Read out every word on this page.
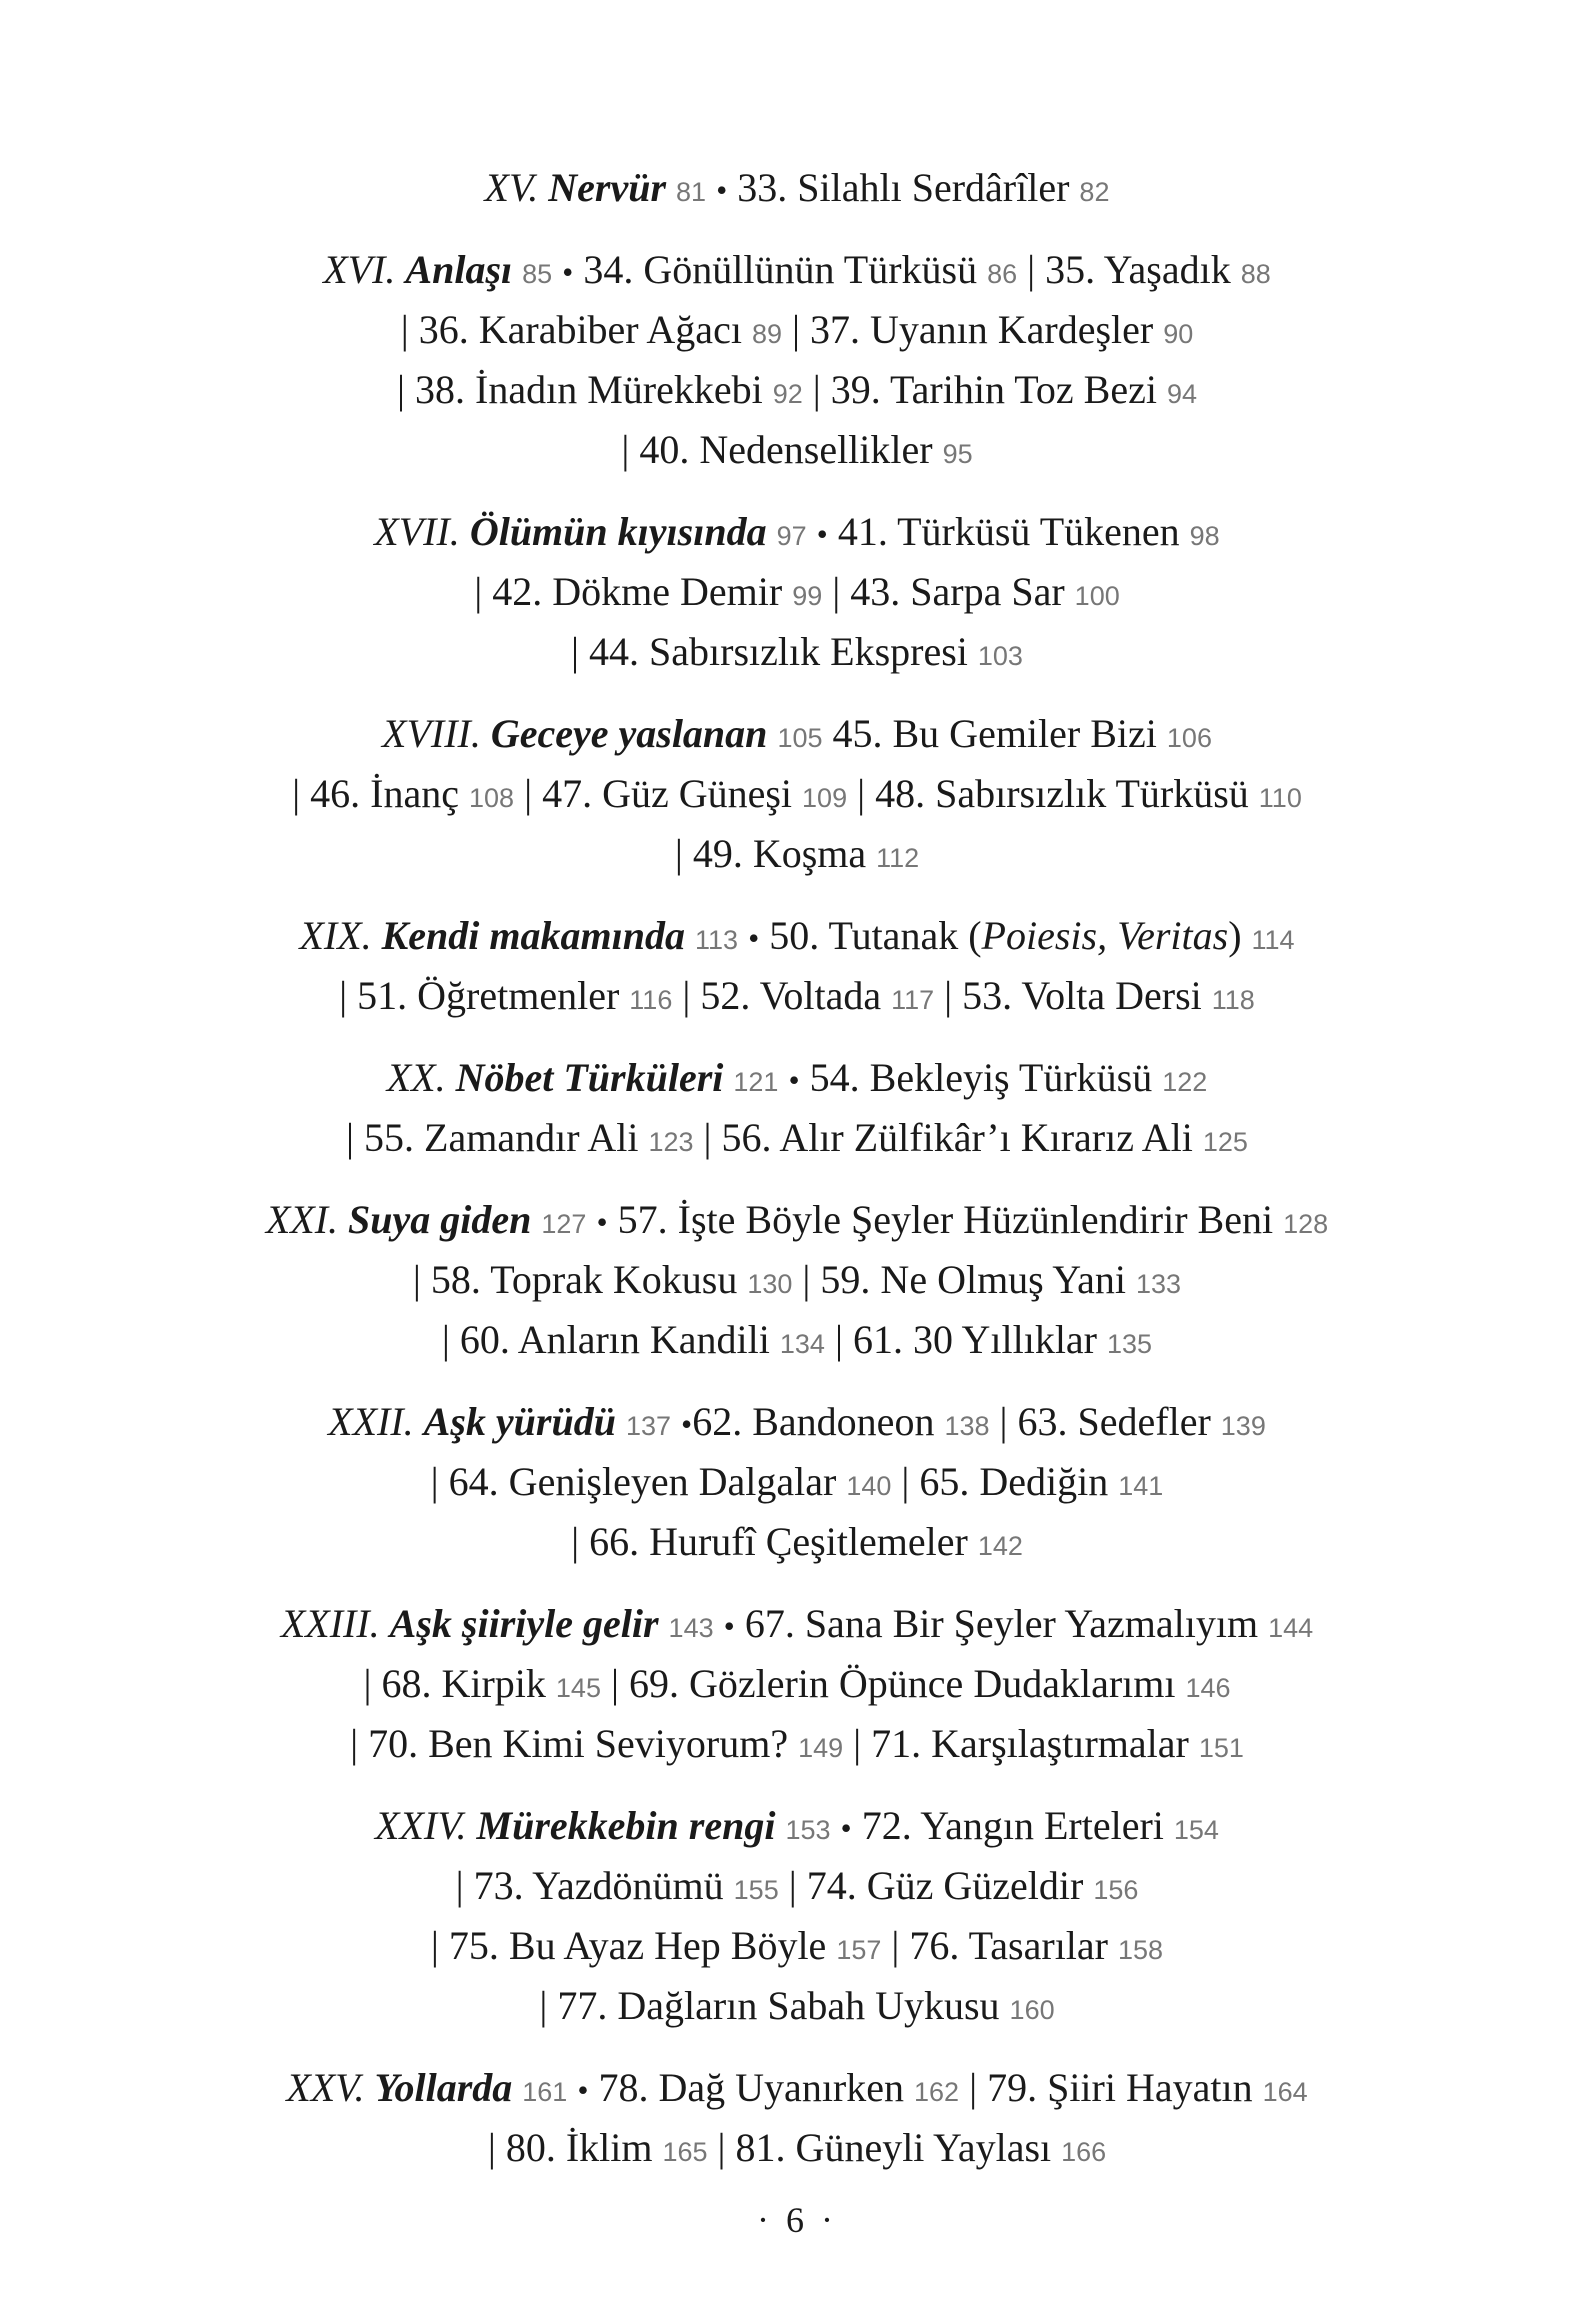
XV. Nervür 81 • 33. Silahlı Serdârîler 82
XVI. Anlaşı 85 • 34. Gönüllünün Türküsü 86 | 35. Yaşadık 88
| 36. Karabiber Ağacı 89 | 37. Uyanın Kardeşler 90
| 38. İnadın Mürekkebi 92 | 39. Tarihin Toz Bezi 94
| 40. Nedensellikler 95
XVII. Ölümün kıyısında 97 • 41. Türküsü Tükenen 98
| 42. Dökme Demir 99 | 43. Sarpa Sar 100
| 44. Sabırsızlık Ekspresi 103
XVIII. Geceye yaslanan 105 45. Bu Gemiler Bizi 106
| 46. İnanç 108 | 47. Güz Güneşi 109 | 48. Sabırsızlık Türküsü 110
| 49. Koşma 112
XIX. Kendi makamında 113 • 50. Tutanak (Poiesis, Veritas) 114
| 51. Öğretmenler 116 | 52. Voltada 117 | 53. Volta Dersi 118
XX. Nöbet Türküleri 121 • 54. Bekleyiş Türküsü 122
| 55. Zamandır Ali 123 | 56. Alır Zülfikâr’ı Kırarız Ali 125
XXI. Suya giden 127 • 57. İşte Böyle Şeyler Hüzünlendirir Beni 128
| 58. Toprak Kokusu 130 | 59. Ne Olmuş Yani 133
| 60. Anların Kandili 134 | 61. 30 Yıllıklar 135
XXII. Aşk yürüdü 137 •62. Bandoneon 138 | 63. Sedefler 139
| 64. Genişleyen Dalgalar 140 | 65. Dediğin 141
| 66. Hurufî Çeşitlemeler 142
XXIII. Aşk şiiriyle gelir 143 • 67. Sana Bir Şeyler Yazmalıyım 144
| 68. Kirpik 145 | 69. Gözlerin Öpünce Dudaklarımı 146
| 70. Ben Kimi Seviyorum? 149 | 71. Karşılaştırmalar 151
XXIV. Mürekkebin rengi 153 • 72. Yangın Erteleri 154
| 73. Yazdönümü 155 | 74. Güz Güzeldir 156
| 75. Bu Ayaz Hep Böyle 157 | 76. Tasarılar 158
| 77. Dağların Sabah Uykusu 160
XXV. Yollarda 161 • 78. Dağ Uyanırken 162 | 79. Şiiri Hayatın 164
| 80. İklim 165 | 81. Güneyli Yaylası 166
· 6 ·
